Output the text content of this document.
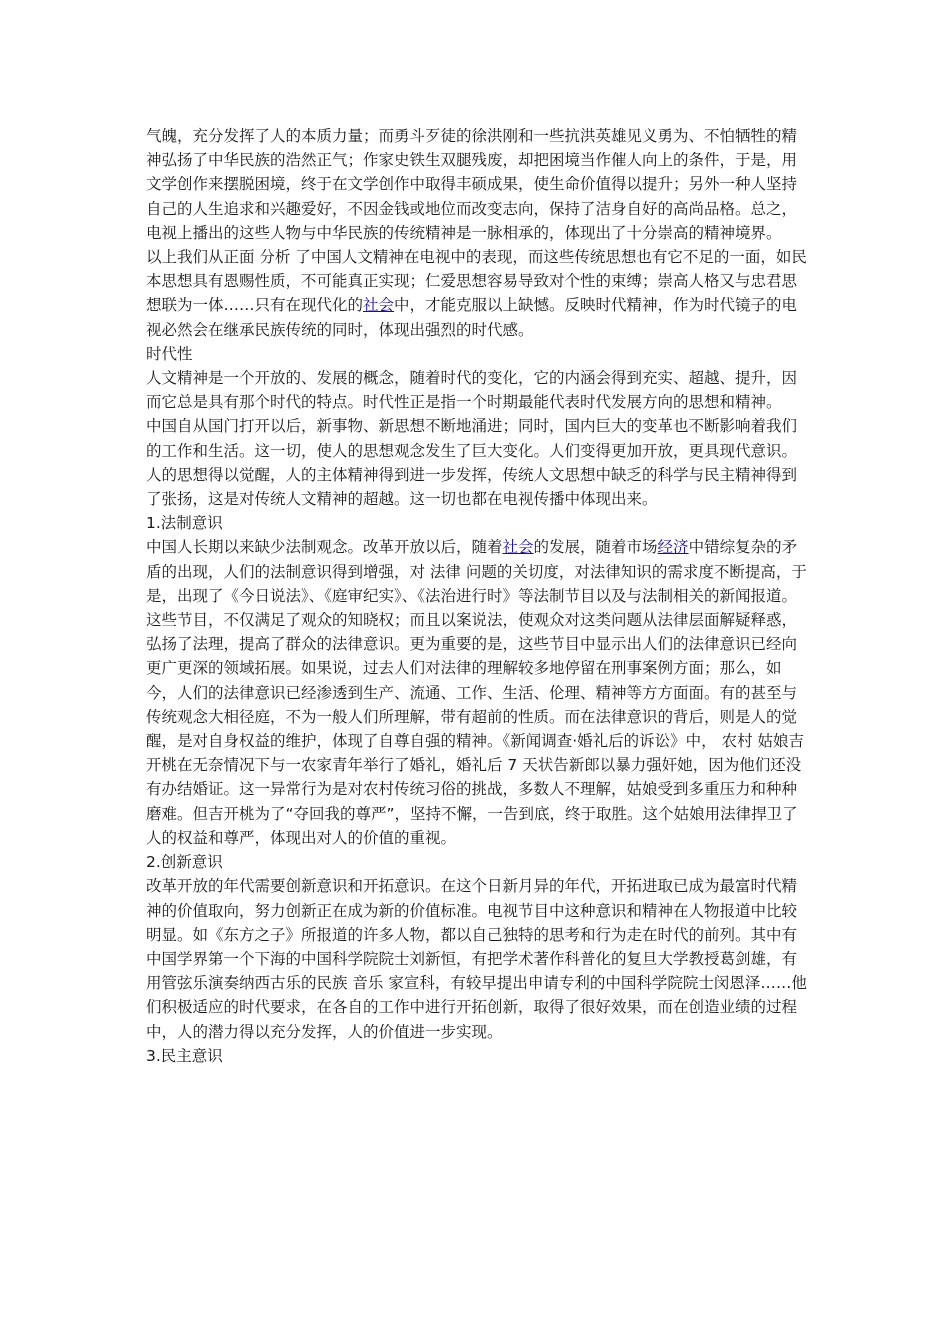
气魄，充分发挥了人的本质力量；而勇斗歹徒的徐洪刚和一些抗洪英雄见义勇为、不怕牺牲的精神弘扬了中华民族的浩然正气；作家史铁生双腿残废，却把困境当作催人向上的条件，于是，用文学创作来摆脱困境，终于在文学创作中取得丰硕成果，使生命价值得以提升；另外一种人坚持自己的人生追求和兴趣爱好，不因金钱或地位而改变志向，保持了洁身自好的高尚品格。总之，电视上播出的这些人物与中华民族的传统精神是一脉相承的，体现出了十分崇高的精神境界。

以上我们从正面 分析 了中国人文精神在电视中的表现，而这些传统思想也有它不足的一面，如民本思想具有恩赐性质，不可能真正实现；仁爱思想容易导致对个性的束缚；崇高人格又与忠君思想联为一体……只有在现代化的社会中，才能克服以上缺憾。反映时代精神，作为时代镜子的电视必然会在继承民族传统的同时，体现出强烈的时代感。

时代性

人文精神是一个开放的、发展的概念，随着时代的变化，它的内涵会得到充实、超越、提升，因而它总是具有那个时代的特点。时代性正是指一个时期最能代表时代发展方向的思想和精神。

中国自从国门打开以后，新事物、新思想不断地涌进；同时，国内巨大的变革也不断影响着我们的工作和生活。这一切，使人的思想观念发生了巨大变化。人们变得更加开放，更具现代意识。人的思想得以觉醒，人的主体精神得到进一步发挥，传统人文思想中缺乏的科学与民主精神得到了张扬，这是对传统人文精神的超越。这一切也都在电视传播中体现出来。

1.法制意识

中国人长期以来缺少法制观念。改革开放以后，随着社会的发展，随着市场经济中错综复杂的矛盾的出现，人们的法制意识得到增强，对 法律 问题的关切度，对法律知识的需求度不断提高，于是，出现了《今日说法》、《庭审纪实》、《法治进行时》等法制节目以及与法制相关的新闻报道。这些节目，不仅满足了观众的知晓权；而且以案说法，使观众对这类问题从法律层面解疑释惑，弘扬了法理，提高了群众的法律意识。更为重要的是，这些节目中显示出人们的法律意识已经向更广更深的领域拓展。如果说，过去人们对法律的理解较多地停留在刑事案例方面；那么，如今，人们的法律意识已经渗透到生产、流通、工作、生活、伦理、精神等方方面面。有的甚至与传统观念大相径庭，不为一般人们所理解，带有超前的性质。而在法律意识的背后，则是人的觉醒，是对自身权益的维护，体现了自尊自强的精神。《新闻调查·婚礼后的诉讼》中， 农村 姑娘吉开桃在无奈情况下与一农家青年举行了婚礼，婚礼后 7 天状告新郎以暴力强奸她，因为他们还没有办结婚证。这一异常行为是对农村传统习俗的挑战，多数人不理解，姑娘受到多重压力和种种磨难。但吉开桃为了“夺回我的尊严”，坚持不懈，一告到底，终于取胜。这个姑娘用法律捍卫了人的权益和尊严，体现出对人的价值的重视。

2.创新意识

改革开放的年代需要创新意识和开拓意识。在这个日新月异的年代，开拓进取已成为最富时代精神的价值取向，努力创新正在成为新的价值标准。电视节目中这种意识和精神在人物报道中比较明显。如《东方之子》所报道的许多人物，都以自己独特的思考和行为走在时代的前列。其中有中国学界第一个下海的中国科学院院士刘新恒，有把学术著作科普化的复旦大学教授葛剑雄，有用管弦乐演奏纳西古乐的民族 音乐 家宣科，有较早提出申请专利的中国科学院院士闵恩泽……他们积极适应的时代要求，在各自的工作中进行开拓创新，取得了很好效果，而在创造业绩的过程中，人的潜力得以充分发挥，人的价值进一步实现。

3.民主意识
